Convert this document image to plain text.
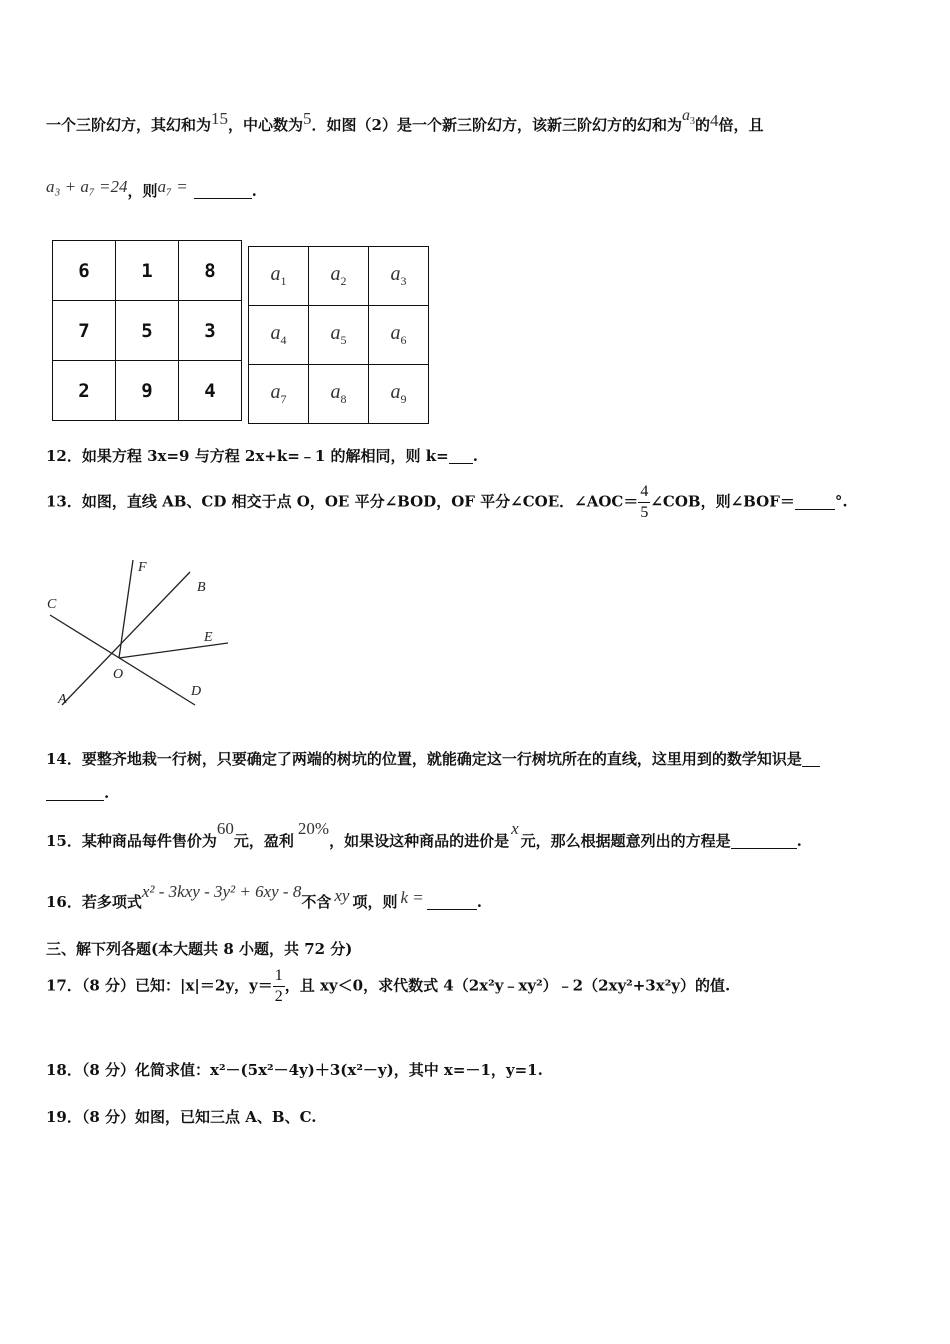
一个三阶幻方，其幻和为15，中心数为5．如图（2）是一个新三阶幻方，该新三阶幻方的幻和为$a^3$的4倍，且
a₃ + a₇ =24，则a₇ =	.
6	1	8
7	5	3
2	9	4
$a_1$	$a_2$	$a_3$
$a_4$	$a_5$	$a_6$
$a_7$	$a_8$	$a_9$
12．如果方程 3x=9 与方程 2x+k=﹣1 的解相同，则 k= .
13．如图，直线 AB、CD 相交于点 O，OE 平分∠BOD，OF 平分∠COE．∠AOC＝ $\frac{4}{5}$ ∠COB，则∠BOF＝	°.
F
B
C
E
O
A
D
14．要整齐地栽一行树，只要确定了两端的树坑的位置，就能确定这一行树坑所在的直线，这里用到的数学知识是
.
15．某种商品每件售价为60元，盈利20%，如果设这种商品的进价是x元，那么根据题意列出的方程是	.
16．若多项式x² - 3kxy - 3y² + 6xy - 8不含 xy 项，则 k =	.
三、解下列各题(本大题共 8 小题，共 72 分)
17．（8 分）已知：|x|＝2y，$y= \frac{1}{2}$ ，且 xy＜0，求代数式 4（2x²y﹣xy²）﹣2（2xy²+3x²y）的值.
18．（8 分）化简求值：x²－(5x²－4y)＋3(x²－y)，其中 x=－1，y=1.
19．（8 分）如图，已知三点 A、B、C.
